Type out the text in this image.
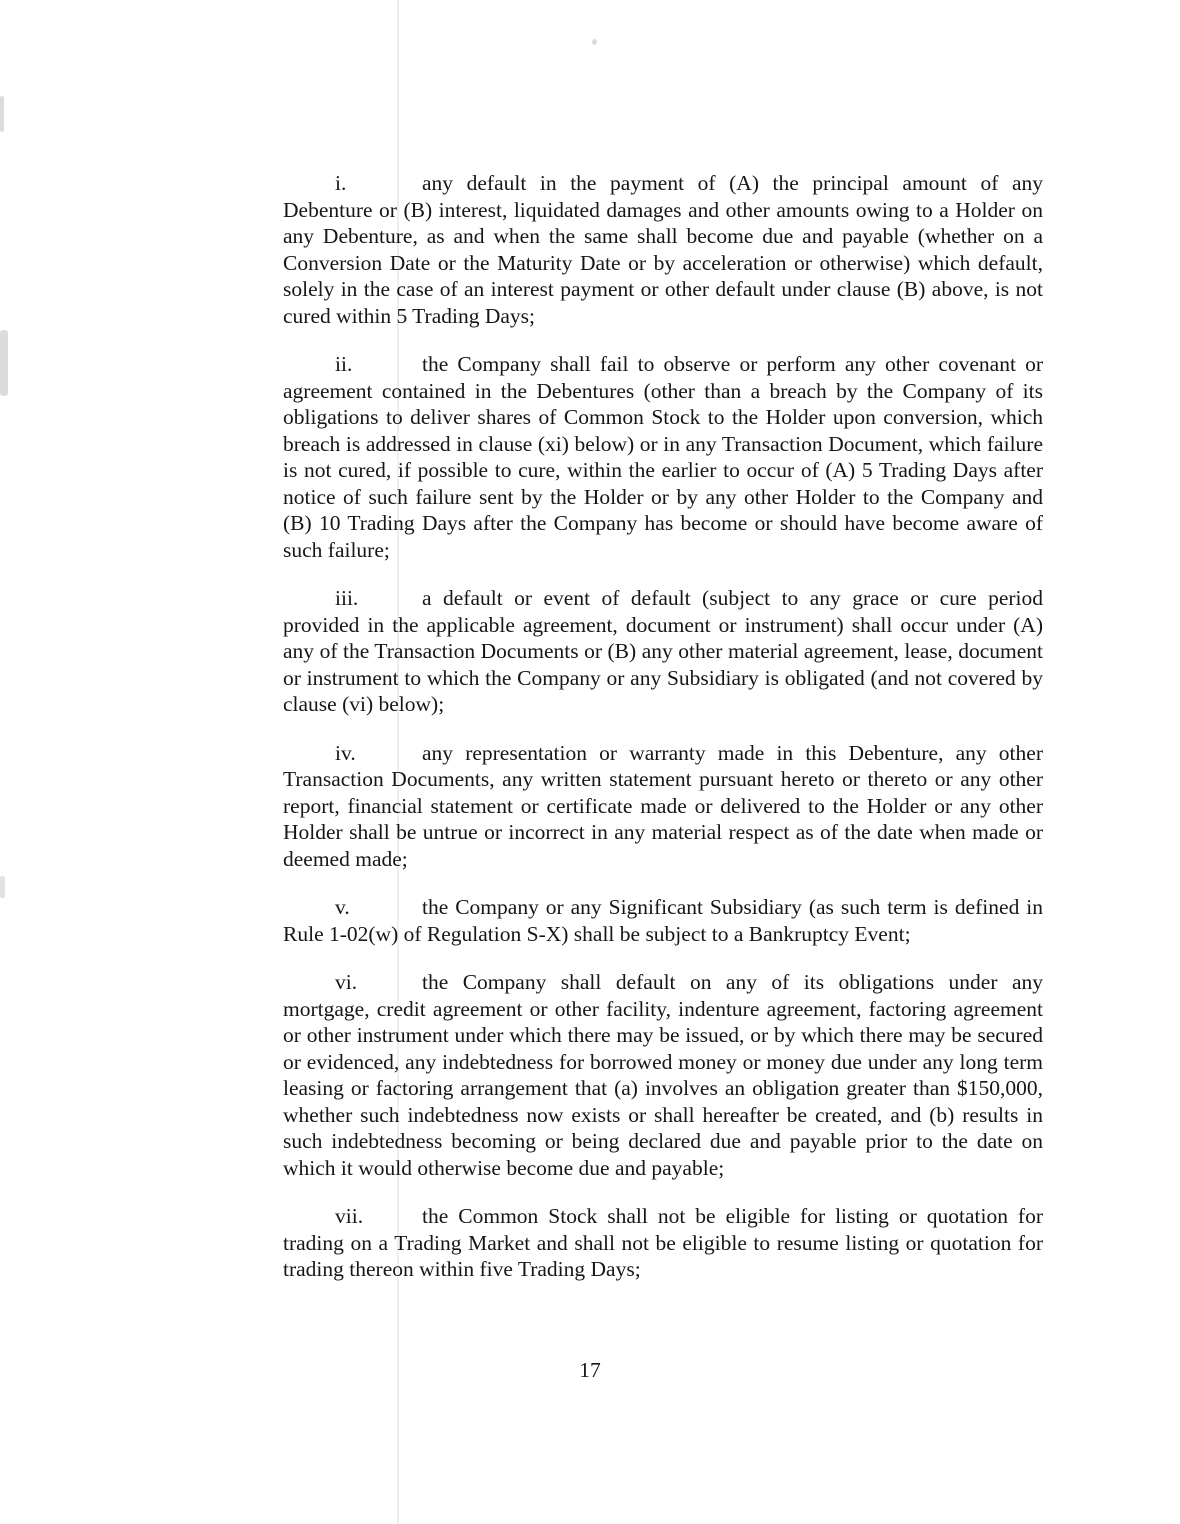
i.	any default in the payment of (A) the principal amount of any Debenture or (B) interest, liquidated damages and other amounts owing to a Holder on any Debenture, as and when the same shall become due and payable (whether on a Conversion Date or the Maturity Date or by acceleration or otherwise) which default, solely in the case of an interest payment or other default under clause (B) above, is not cured within 5 Trading Days;

ii.	the Company shall fail to observe or perform any other covenant or agreement contained in the Debentures (other than a breach by the Company of its obligations to deliver shares of Common Stock to the Holder upon conversion, which breach is addressed in clause (xi) below) or in any Transaction Document, which failure is not cured, if possible to cure, within the earlier to occur of (A) 5 Trading Days after notice of such failure sent by the Holder or by any other Holder to the Company and (B) 10 Trading Days after the Company has become or should have become aware of such failure;

iii.	a default or event of default (subject to any grace or cure period provided in the applicable agreement, document or instrument) shall occur under (A) any of the Transaction Documents or (B) any other material agreement, lease, document or instrument to which the Company or any Subsidiary is obligated (and not covered by clause (vi) below);

iv.	any representation or warranty made in this Debenture, any other Transaction Documents, any written statement pursuant hereto or thereto or any other report, financial statement or certificate made or delivered to the Holder or any other Holder shall be untrue or incorrect in any material respect as of the date when made or deemed made;

v.	the Company or any Significant Subsidiary (as such term is defined in Rule 1-02(w) of Regulation S-X) shall be subject to a Bankruptcy Event;

vi.	the Company shall default on any of its obligations under any mortgage, credit agreement or other facility, indenture agreement, factoring agreement or other instrument under which there may be issued, or by which there may be secured or evidenced, any indebtedness for borrowed money or money due under any long term leasing or factoring arrangement that (a) involves an obligation greater than $150,000, whether such indebtedness now exists or shall hereafter be created, and (b) results in such indebtedness becoming or being declared due and payable prior to the date on which it would otherwise become due and payable;

vii.	the Common Stock shall not be eligible for listing or quotation for trading on a Trading Market and shall not be eligible to resume listing or quotation for trading thereon within five Trading Days;

17
